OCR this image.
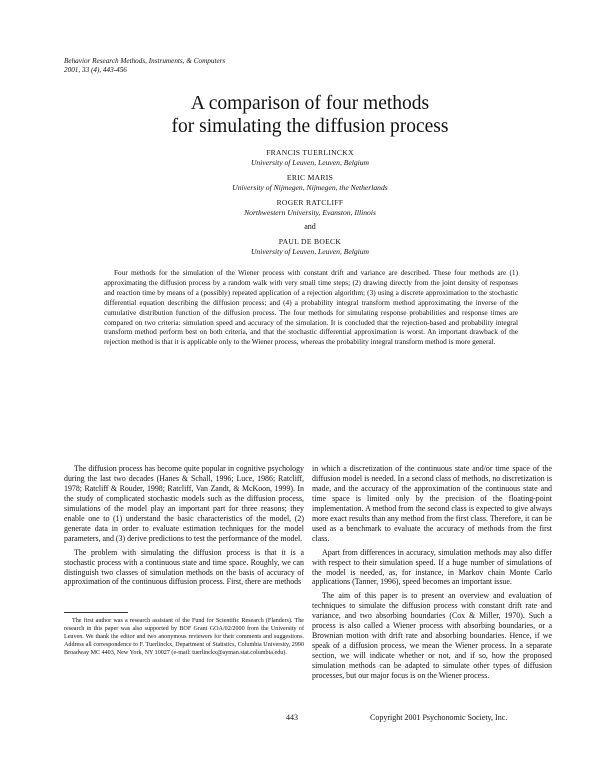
Behavior Research Methods, Instruments, & Computers
2001, 33 (4), 443-456
A comparison of four methods
for simulating the diffusion process
FRANCIS TUERLINCKX
University of Leuven, Leuven, Belgium
ERIC MARIS
University of Nijmegen, Nijmegen, the Netherlands
ROGER RATCLIFF
Northwestern University, Evanston, Illinois
and
PAUL DE BOECK
University of Leuven, Leuven, Belgium
Four methods for the simulation of the Wiener process with constant drift and variance are described. These four methods are (1) approximating the diffusion process by a random walk with very small time steps; (2) drawing directly from the joint density of responses and reaction time by means of a (possibly) repeated application of a rejection algorithm; (3) using a discrete approximation to the stochastic differential equation describing the diffusion process; and (4) a probability integral transform method approximating the inverse of the cumulative distribution function of the diffusion process. The four methods for simulating response probabilities and response times are compared on two criteria: simulation speed and accuracy of the simulation. It is concluded that the rejection-based and probability integral transform method perform best on both criteria, and that the stochastic differential approximation is worst. An important drawback of the rejection method is that it is applicable only to the Wiener process, whereas the probability integral transform method is more general.

The diffusion process has become quite popular in cognitive psychology during the last two decades (Hanes & Schall, 1996; Luce, 1986; Ratcliff, 1978; Ratcliff & Rouder, 1998; Ratcliff, Van Zandt, & McKoon, 1999). In the study of complicated stochastic models such as the diffusion process, simulations of the model play an important part for three reasons; they enable one to (1) understand the basic characteristics of the model, (2) generate data in order to evaluate estimation techniques for the model parameters, and (3) derive predictions to test the performance of the model.

The problem with simulating the diffusion process is that it is a stochastic process with a continuous state and time space. Roughly, we can distinguish two classes of simulation methods on the basis of accuracy of approximation of the continuous diffusion process. First, there are methods

in which a discretization of the continuous state and/or time space of the diffusion model is needed. In a second class of methods, no discretization is made, and the accuracy of the approximation of the continuous state and time space is limited only by the precision of the floating-point implementation. A method from the second class is expected to give always more exact results than any method from the first class. Therefore, it can be used as a benchmark to evaluate the accuracy of methods from the first class.

Apart from differences in accuracy, simulation methods may also differ with respect to their simulation speed. If a huge number of simulations of the model is needed, as, for instance, in Markov chain Monte Carlo applications (Tanner, 1996), speed becomes an important issue.

The aim of this paper is to present an overview and evaluation of techniques to simulate the diffusion process with constant drift rate and variance, and two absorbing boundaries (Cox & Miller, 1970). Such a process is also called a Wiener process with absorbing boundaries, or a Brownian motion with drift rate and absorbing boundaries. Hence, if we speak of a diffusion process, we mean the Wiener process. In a separate section, we will indicate whether or not, and if so, how the proposed simulation methods can be adapted to simulate other types of diffusion processes, but our major focus is on the Wiener process.

The first author was a research assistant of the Fund for Scientific Research (Flanders). The research in this paper was also supported by BOF Grant GOA/02/2000 from the University of Leuven. We thank the editor and two anonymous reviewers for their comments and suggestions. Address all correspondence to F. Tuerlinckx, Department of Statistics, Columbia University, 2990 Broadway MC 4403, New York, NY 10027 (e-mail: tuerlinckx@ayman.stat.columbia.edu).
443	Copyright 2001 Psychonomic Society, Inc.
